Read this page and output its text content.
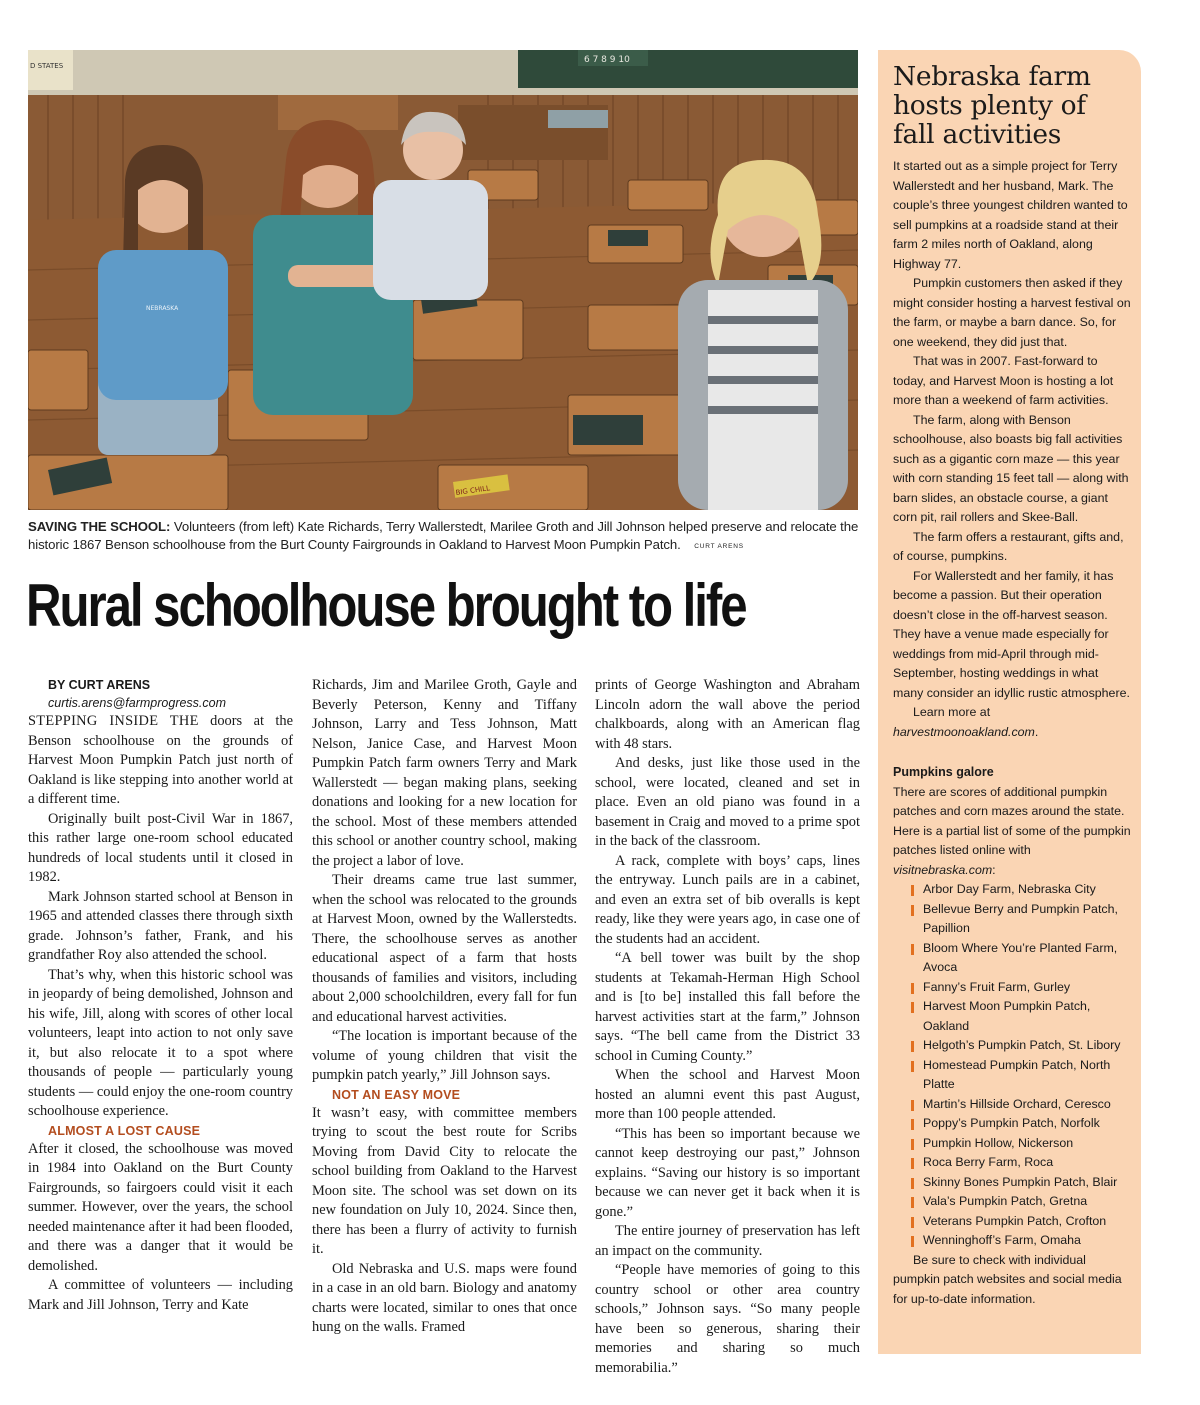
D STATES
6 7 8 9 10
BIG CHILL
NEBRASKA
SAVING THE SCHOOL: Volunteers (from left) Kate Richards, Terry Wallerstedt, Marilee Groth and Jill Johnson helped preserve and relocate the historic 1867 Benson schoolhouse from the Burt County Fairgrounds in Oakland to Harvest Moon Pumpkin Patch. CURT ARENS
Rural schoolhouse brought to life

BY CURT ARENS

curtis.arens@farmprogress.com

STEPPING INSIDE THE doors at the Benson schoolhouse on the grounds of Harvest Moon Pumpkin Patch just north of Oakland is like stepping into another world at a different time.

Originally built post-Civil War in 1867, this rather large one-room school educated hundreds of local students until it closed in 1982.

Mark Johnson started school at Benson in 1965 and attended classes there through sixth grade. Johnson’s father, Frank, and his grandfather Roy also attended the school.

That’s why, when this historic school was in jeopardy of being demolished, Johnson and his wife, Jill, along with scores of other local volunteers, leapt into action to not only save it, but also relocate it to a spot where thousands of people — particularly young students — could enjoy the one-room country schoolhouse experience.

ALMOST A LOST CAUSE

After it closed, the schoolhouse was moved in 1984 into Oakland on the Burt County Fairgrounds, so fairgoers could visit it each summer. However, over the years, the school needed maintenance after it had been flooded, and there was a danger that it would be demolished.

A committee of volunteers — including Mark and Jill Johnson, Terry and Kate

Richards, Jim and Marilee Groth, Gayle and Beverly Peterson, Kenny and Tiffany Johnson, Larry and Tess Johnson, Matt Nelson, Janice Case, and Harvest Moon Pumpkin Patch farm owners Terry and Mark Wallerstedt — began making plans, seeking donations and looking for a new location for the school. Most of these members attended this school or another country school, making the project a labor of love.

Their dreams came true last summer, when the school was relocated to the grounds at Harvest Moon, owned by the Wallerstedts. There, the schoolhouse serves as another educational aspect of a farm that hosts thousands of families and visitors, including about 2,000 schoolchildren, every fall for fun and educational harvest activities.

“The location is important because of the volume of young children that visit the pumpkin patch yearly,” Jill Johnson says.

NOT AN EASY MOVE

It wasn’t easy, with committee members trying to scout the best route for Scribs Moving from David City to relocate the school building from Oakland to the Harvest Moon site. The school was set down on its new foundation on July 10, 2024. Since then, there has been a flurry of activity to furnish it.

Old Nebraska and U.S. maps were found in a case in an old barn. Biology and anatomy charts were located, similar to ones that once hung on the walls. Framed

prints of George Washington and Abraham Lincoln adorn the wall above the period chalkboards, along with an American flag with 48 stars.

And desks, just like those used in the school, were located, cleaned and set in place. Even an old piano was found in a basement in Craig and moved to a prime spot in the back of the classroom.

A rack, complete with boys’ caps, lines the entryway. Lunch pails are in a cabinet, and even an extra set of bib overalls is kept ready, like they were years ago, in case one of the students had an accident.

“A bell tower was built by the shop students at Tekamah-Herman High School and is [to be] installed this fall before the harvest activities start at the farm,” Johnson says. “The bell came from the District 33 school in Cuming County.”

When the school and Harvest Moon hosted an alumni event this past August, more than 100 people attended.

“This has been so important because we cannot keep destroying our past,” Johnson explains. “Saving our history is so important because we can never get it back when it is gone.”

The entire journey of preservation has left an impact on the community.

“People have memories of going to this country school or other area country schools,” Johnson says. “So many people have been so generous, sharing their memories and sharing so much memorabilia.”

Nebraska farm hosts plenty of fall activities

It started out as a simple project for Terry Wallerstedt and her husband, Mark. The couple’s three youngest children wanted to sell pumpkins at a roadside stand at their farm 2 miles north of Oakland, along Highway 77.

Pumpkin customers then asked if they might consider hosting a harvest festival on the farm, or maybe a barn dance. So, for one weekend, they did just that.

That was in 2007. Fast-forward to today, and Harvest Moon is hosting a lot more than a weekend of farm activities.

The farm, along with Benson schoolhouse, also boasts big fall activities such as a gigantic corn maze — this year with corn standing 15 feet tall — along with barn slides, an obstacle course, a giant corn pit, rail rollers and Skee-Ball.

The farm offers a restaurant, gifts and, of course, pumpkins.

For Wallerstedt and her family, it has become a passion. But their operation doesn’t close in the off-harvest season. They have a venue made especially for weddings from mid-April through mid-September, hosting weddings in what many consider an idyllic rustic atmosphere.

Learn more at harvestmoonoakland.com.

Pumpkins galore

There are scores of additional pumpkin patches and corn mazes around the state. Here is a partial list of some of the pumpkin patches listed online with visitnebraska.com:

Arbor Day Farm, Nebraska City
Bellevue Berry and Pumpkin Patch, Papillion
Bloom Where You’re Planted Farm, Avoca
Fanny’s Fruit Farm, Gurley
Harvest Moon Pumpkin Patch, Oakland
Helgoth’s Pumpkin Patch, St. Libory
Homestead Pumpkin Patch, North Platte
Martin’s Hillside Orchard, Ceresco
Poppy’s Pumpkin Patch, Norfolk
Pumpkin Hollow, Nickerson
Roca Berry Farm, Roca
Skinny Bones Pumpkin Patch, Blair
Vala’s Pumpkin Patch, Gretna
Veterans Pumpkin Patch, Crofton
Wenninghoff’s Farm, Omaha

Be sure to check with individual pumpkin patch websites and social media for up-to-date information.
